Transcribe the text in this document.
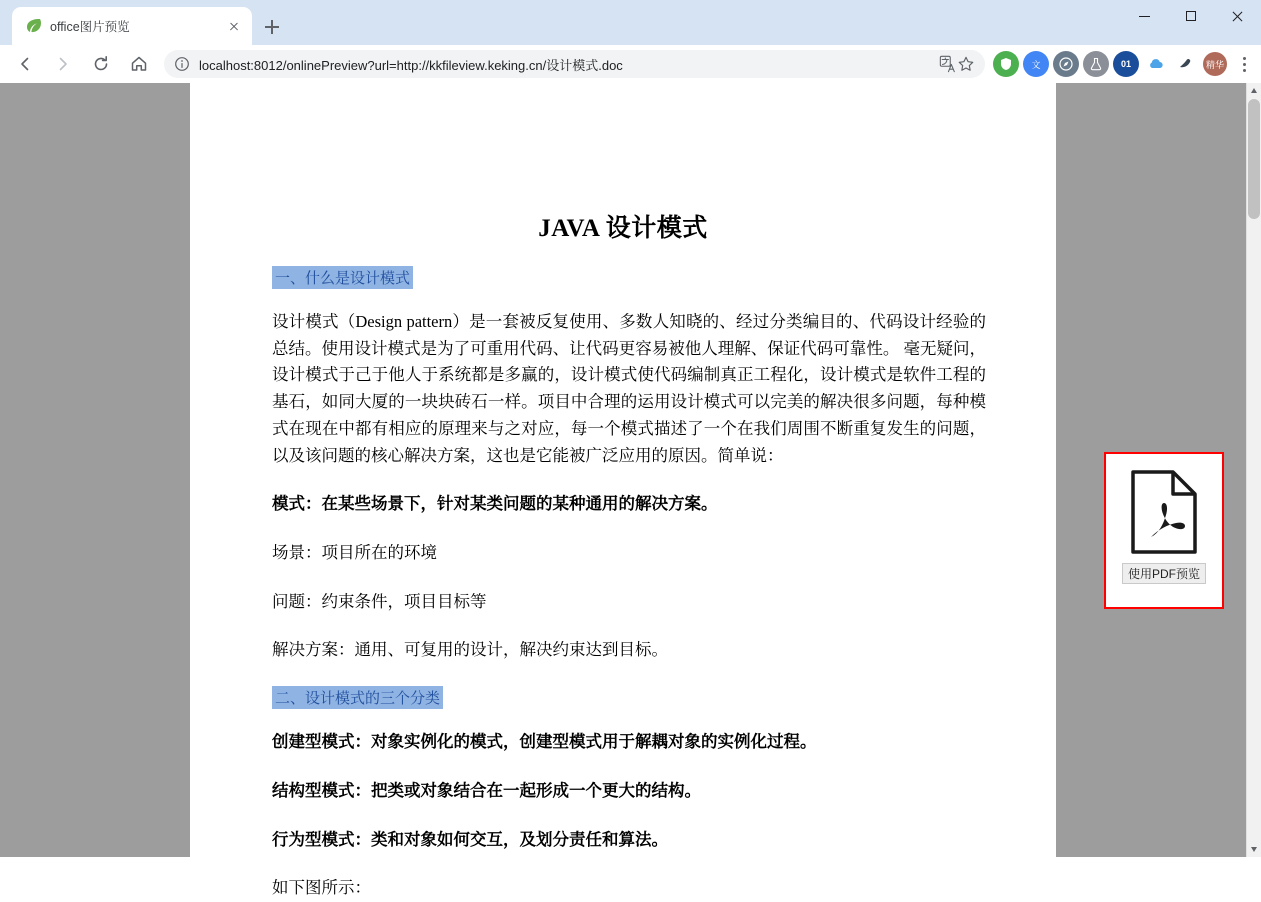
office图片预览
localhost:8012/onlinePreview?url=http://kkfileview.keking.cn/设计模式.doc	文	01	精华
JAVA 设计模式
一、什么是设计模式

设计模式（Design pattern）是一套被反复使用、多数人知晓的、经过分类编目的、代码设计经验的总结。使用设计模式是为了可重用代码、让代码更容易被他人理解、保证代码可靠性。 毫无疑问，设计模式于己于他人于系统都是多赢的，设计模式使代码编制真正工程化，设计模式是软件工程的基石，如同大厦的一块块砖石一样。项目中合理的运用设计模式可以完美的解决很多问题，每种模式在现在中都有相应的原理来与之对应，每一个模式描述了一个在我们周围不断重复发生的问题，以及该问题的核心解决方案，这也是它能被广泛应用的原因。简单说：

模式：在某些场景下，针对某类问题的某种通用的解决方案。

场景：项目所在的环境

问题：约束条件，项目目标等

解决方案：通用、可复用的设计，解决约束达到目标。

二、设计模式的三个分类

创建型模式：对象实例化的模式，创建型模式用于解耦对象的实例化过程。

结构型模式：把类或对象结合在一起形成一个更大的结构。

行为型模式：类和对象如何交互，及划分责任和算法。

如下图所示：

使用PDF预览
